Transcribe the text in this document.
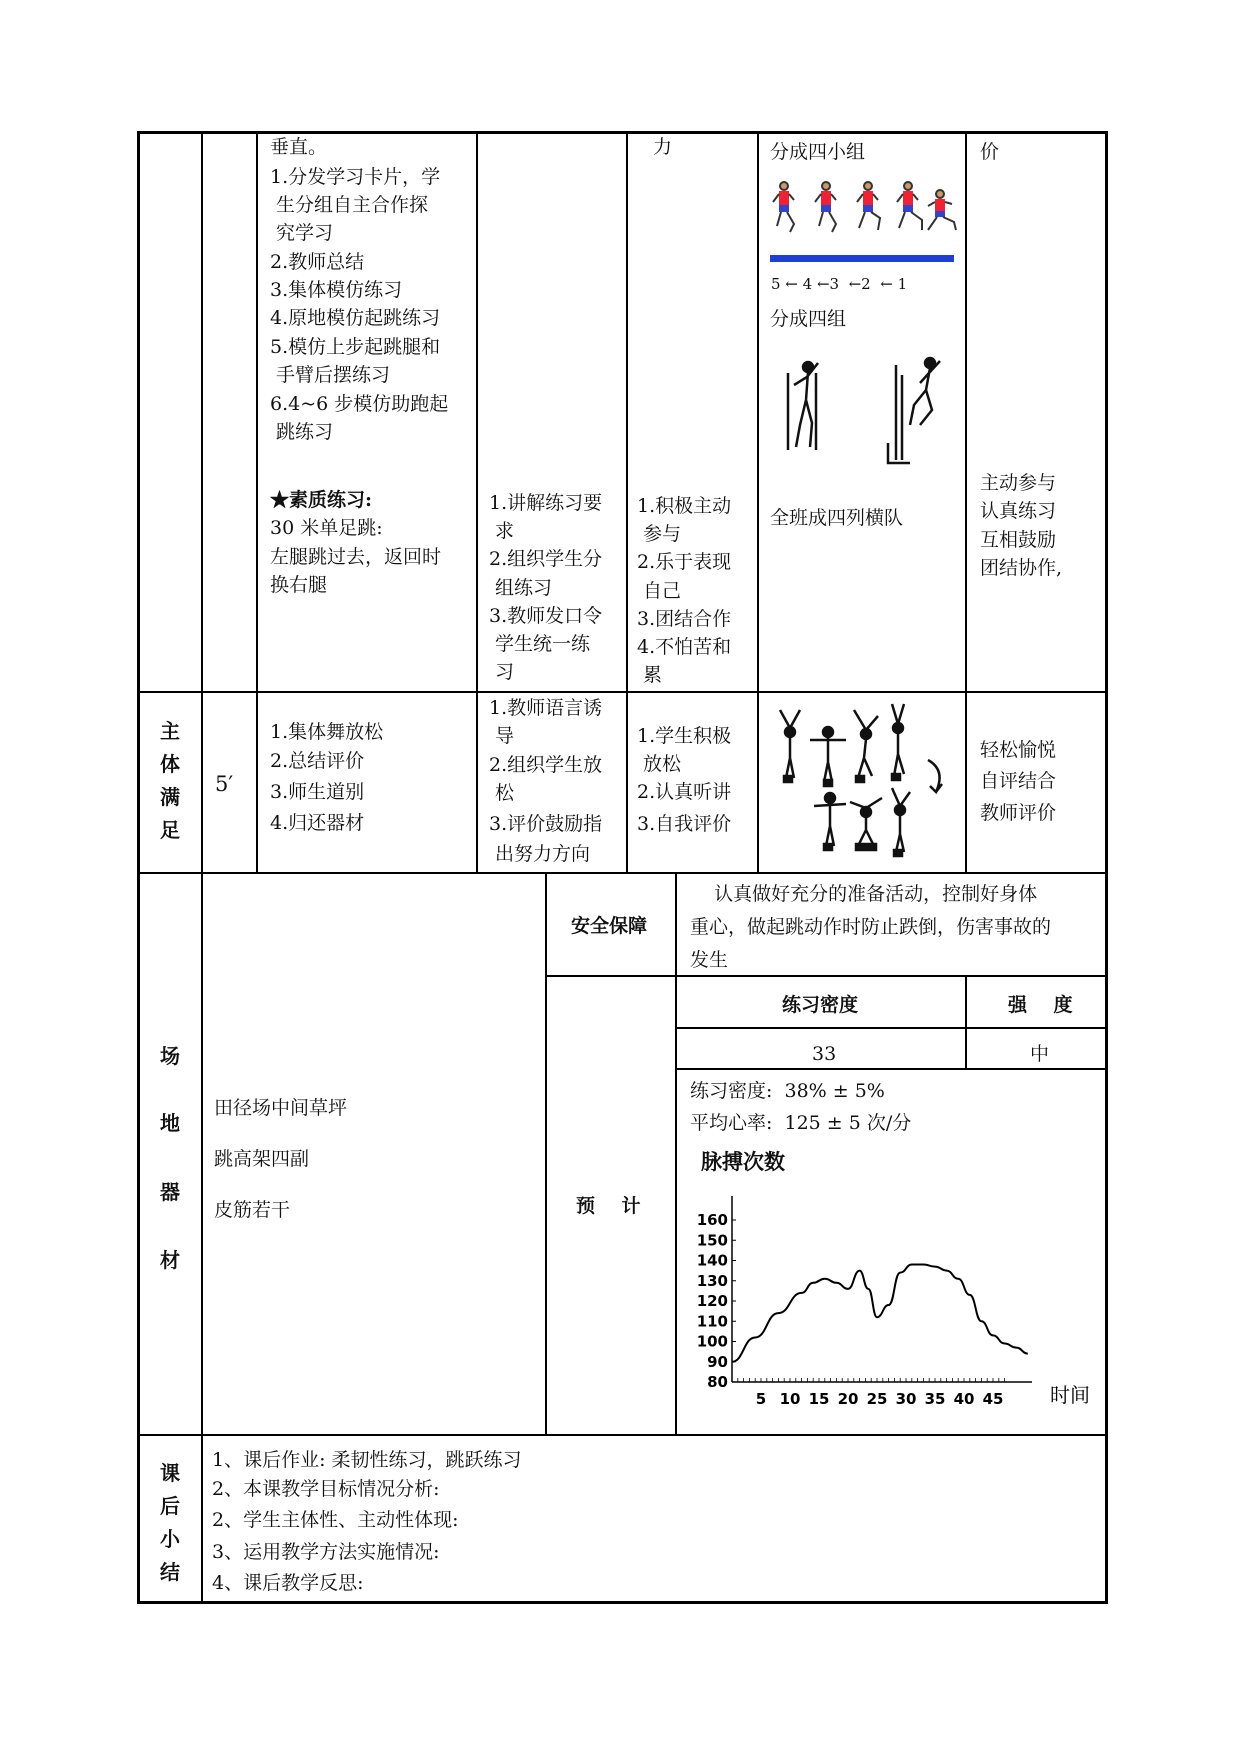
垂直。
1.分发学习卡片，学
生分组自主合作探
究学习
2.教师总结
3.集体模仿练习
4.原地模仿起跳练习
5.模仿上步起跳腿和
手臂后摆练习
6.4~6 步模仿助跑起
跳练习
★素质练习:
30 米单足跳:
左腿跳过去，返回时
换右腿
1.讲解练习要
求
2.组织学生分
组练习
3.教师发口令
学生统一练
习
力
1.积极主动
参与
2.乐于表现
自己
3.团结合作
4.不怕苦和
累
分成四小组
5 ← 4 ←3  ←2  ← 1
分成四组
全班成四列横队
价
主动参与
认真练习
互相鼓励
团结协作,
主
体
满
足
5′
1.集体舞放松
2.总结评价
3.师生道别
4.归还器材
1.教师语言诱
导
2.组织学生放
松
3.评价鼓励指
出努力方向
1.学生积极
放松
2.认真听讲
3.自我评价
轻松愉悦
自评结合
教师评价
场
地
器
材
田径场中间草坪
跳高架四副
皮筋若干
安全保障
认真做好充分的准备活动，控制好身体
重心，做起跳动作时防止跌倒，伤害事故的
发生
预    计
练习密度	强    度
33	中
练习密度:  38% ± 5%
平均心率:  125 ± 5 次/分
脉搏次数
80
90
100
110
120
130
140
150
160
5 10 15 20 25 30 35 40 45 时间
课
后
小
结
1、课后作业: 柔韧性练习，跳跃练习
2、本课教学目标情况分析:
2、学生主体性、主动性体现:
3、运用教学方法实施情况:
4、课后教学反思:
